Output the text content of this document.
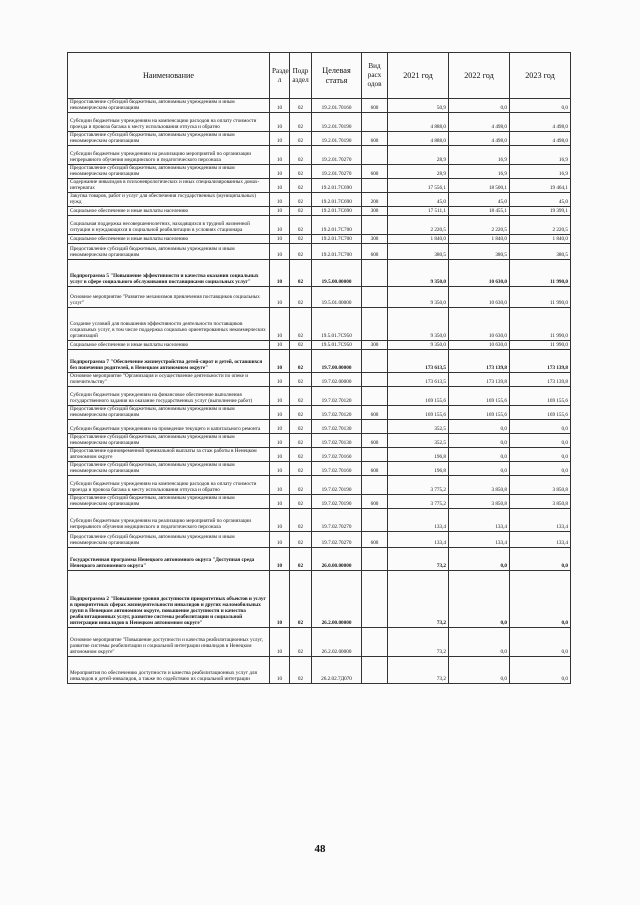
Наименование	Разде л	Подр аздел	Целевая статья	Вид расх одов	2021 год	2022 год	2023 год
Предоставление субсидий бюджетным, автономным учреждениям и иным некоммерческим организациям	10	02	19.2.01.70160	600	50,9	0,0	0,0
Субсидии бюджетным учреждениям на компенсацию расходов на оплату стоимости проезда и провоза багажа к месту использования отпуска и обратно	10	02	19.2.01.70190		4 888,0	4 498,0	4 498,0
Предоставление субсидий бюджетным, автономным учреждениям и иным некоммерческим организациям	10	02	19.2.01.70190	600	4 888,0	4 498,0	4 498,0
Субсидии бюджетным учреждениям на реализацию мероприятий по организации непрерывного обучения медицинского и педагогического персонала	10	02	19.2.01.70270		28,9	16,9	16,9
Предоставление субсидий бюджетным, автономным учреждениям и иным некоммерческим организациям	10	02	19.2.01.70270	600	28,9	16,9	16,9
Содержание инвалидов в психоневрологических и иных специализированных домах-интернатах	10	02	19.2.01.7С690		17 556,1	18 500,1	19 464,1
Закупка товаров, работ и услуг для обеспечения государственных (муниципальных) нужд	10	02	19.2.01.7С690	200	45,0	45,0	45,0
Социальное обеспечение и иные выплаты населению	10	02	19.2.01.7С690	300	17 511,1	18 455,1	19 399,1
Социальная поддержка несовершеннолетних, находящихся в трудной жизненной ситуации и нуждающихся в социальной реабилитации в условиях стационара	10	02	19.2.01.7С700		2 220,5	2 220,5	2 220,5
Социальное обеспечение и иные выплаты населению	10	02	19.2.01.7С700	300	1 840,0	1 840,0	1 840,0
Предоставление субсидий бюджетным, автономным учреждениям и иным некоммерческим организациям	10	02	19.2.01.7С700	600	380,5	380,5	380,5
Подпрограмма 5 "Повышение эффективности и качества оказания социальных услуг в сфере социального обслуживания поставщиками социальных услуг"	10	02	19.5.00.00000		9 350,0	10 630,0	11 990,0
Основное мероприятие "Развитие механизмов привлечения поставщиков социальных услуг"	10	02	19.5.01.00000		9 350,0	10 630,0	11 990,0
Создание условий для повышения эффективности деятельности поставщиков социальных услуг, в том числе поддержка социально ориентированных некоммерческих организаций	10	02	19.5.01.7С950		9 350,0	10 630,0	11 990,0
Социальное обеспечение и иные выплаты населению	10	02	19.5.01.7С950	300	9 350,0	10 630,0	11 990,0
Подпрограмма 7 "Обеспечение жизнеустройства детей-сирот и детей, оставшихся без попечения родителей, в Ненецком автономном округе"	10	02	19.7.00.00000		173 613,5	173 139,8	173 139,8
Основное мероприятие "Организация и осуществление деятельности по опеке и попечительству"	10	02	19.7.02.00000		173 613,5	173 139,8	173 139,8
Субсидии бюджетным учреждениям на финансовое обеспечение выполнения государственного задания на оказание государственных услуг (выполнение работ)	10	02	19.7.02.70120		169 155,6	169 155,6	169 155,6
Предоставление субсидий бюджетным, автономным учреждениям и иным некоммерческим организациям	10	02	19.7.02.70120	600	169 155,6	169 155,6	169 155,6
Субсидии бюджетным учреждениям на проведение текущего и капитального ремонта	10	02	19.7.02.70130		352,5	0,0	0,0
Предоставление субсидий бюджетным, автономным учреждениям и иным некоммерческим организациям	10	02	19.7.02.70130	600	352,5	0,0	0,0
Предоставление единовременной премиальной выплаты за стаж работы в Ненецком автономном округе	10	02	19.7.02.70160		196,8	0,0	0,0
Предоставление субсидий бюджетным, автономным учреждениям и иным некоммерческим организациям	10	02	19.7.02.70160	600	196,8	0,0	0,0
Субсидии бюджетным учреждениям на компенсацию расходов на оплату стоимости проезда и провоза багажа к месту использования отпуска и обратно	10	02	19.7.02.70190		3 775,2	3 850,8	3 850,8
Предоставление субсидий бюджетным, автономным учреждениям и иным некоммерческим организациям	10	02	19.7.02.70190	600	3 775,2	3 850,8	3 850,8
Субсидии бюджетным учреждениям на реализацию мероприятий по организации непрерывного обучения медицинского и педагогического персонала	10	02	19.7.02.70270		133,4	133,4	133,4
Предоставление субсидий бюджетным, автономным учреждениям и иным некоммерческим организациям	10	02	19.7.02.70270	600	133,4	133,4	133,4
Государственная программа Ненецкого автономного округа "Доступная среда Ненецкого автономного округа"	10	02	26.0.00.00000		73,2	0,0	0,0
Подпрограмма 2 "Повышение уровня доступности приоритетных объектов и услуг в приоритетных сферах жизнедеятельности инвалидов и других маломобильных групп в Ненецком автономном округе, повышение доступности и качества реабилитационных услуг, развитие системы реабилитации и социальной интеграции инвалидов в Ненецком автономном округе"	10	02	26.2.00.00000		73,2	0,0	0,0
Основное мероприятие "Повышение доступности и качества реабилитационных услуг, развитие системы реабилитации и социальной интеграции инвалидов в Ненецком автономном округе"	10	02	26.2.02.00000		73,2	0,0	0,0
Мероприятия по обеспечению доступности и качества реабилитационных услуг для инвалидов и детей-инвалидов, а также по содействию их социальной интеграции	10	02	26.2.02.7Д070		73,2	0,0	0,0
48
